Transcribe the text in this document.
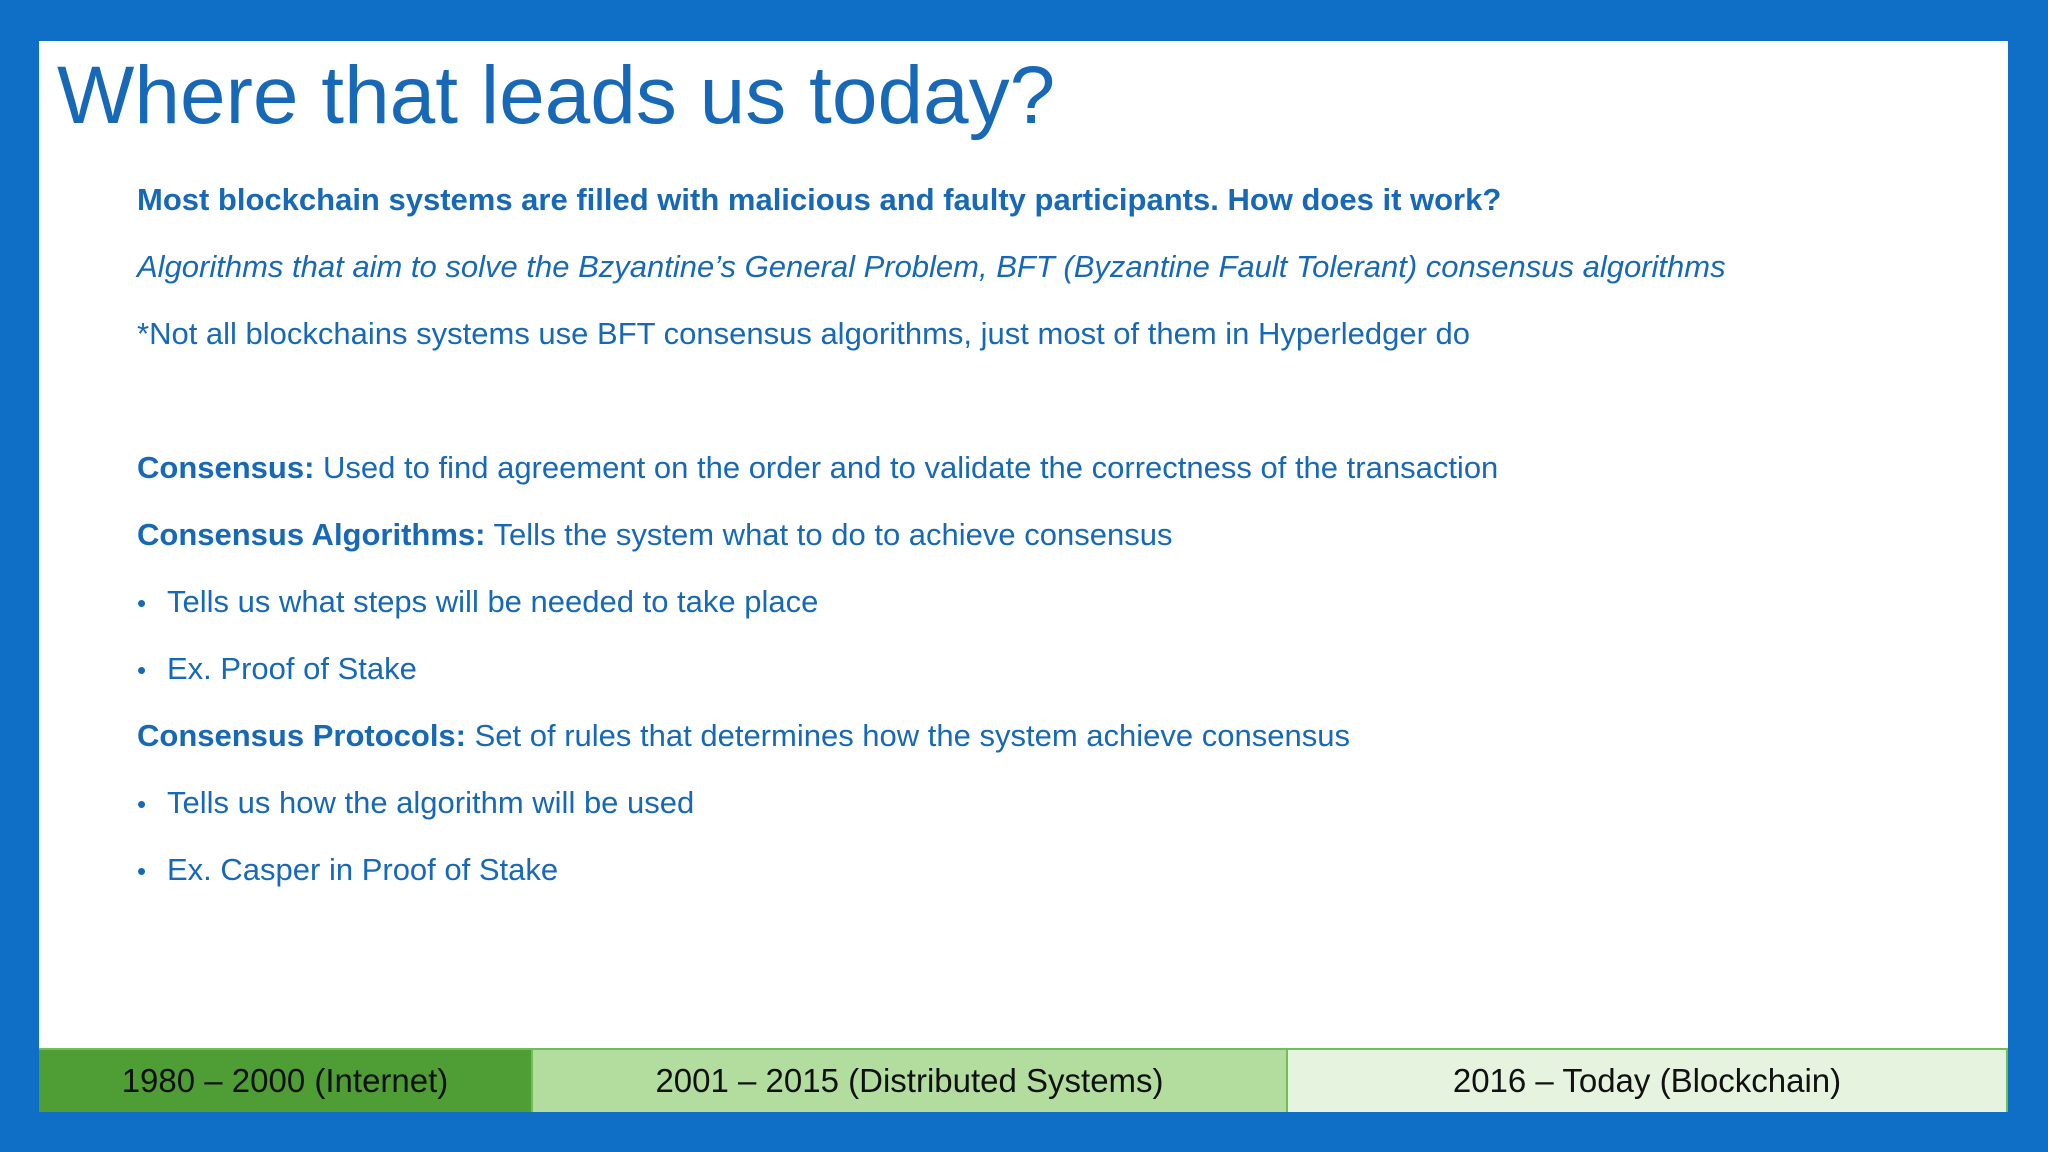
Where that leads us today?
Most blockchain systems are filled with malicious and faulty participants. How does it work?
Algorithms that aim to solve the Bzyantine’s General Problem, BFT (Byzantine Fault Tolerant) consensus algorithms
*Not all blockchains systems use BFT consensus algorithms, just most of them in Hyperledger do
Consensus: Used to find agreement on the order and to validate the correctness of the transaction
Consensus Algorithms: Tells the system what to do to achieve consensus
• Tells us what steps will be needed to take place
• Ex. Proof of Stake
Consensus Protocols: Set of rules that determines how the system achieve consensus
• Tells us how the algorithm will be used
• Ex. Casper in Proof of Stake
1980 – 2000 (Internet)	2001 – 2015 (Distributed Systems)	2016 – Today (Blockchain)
